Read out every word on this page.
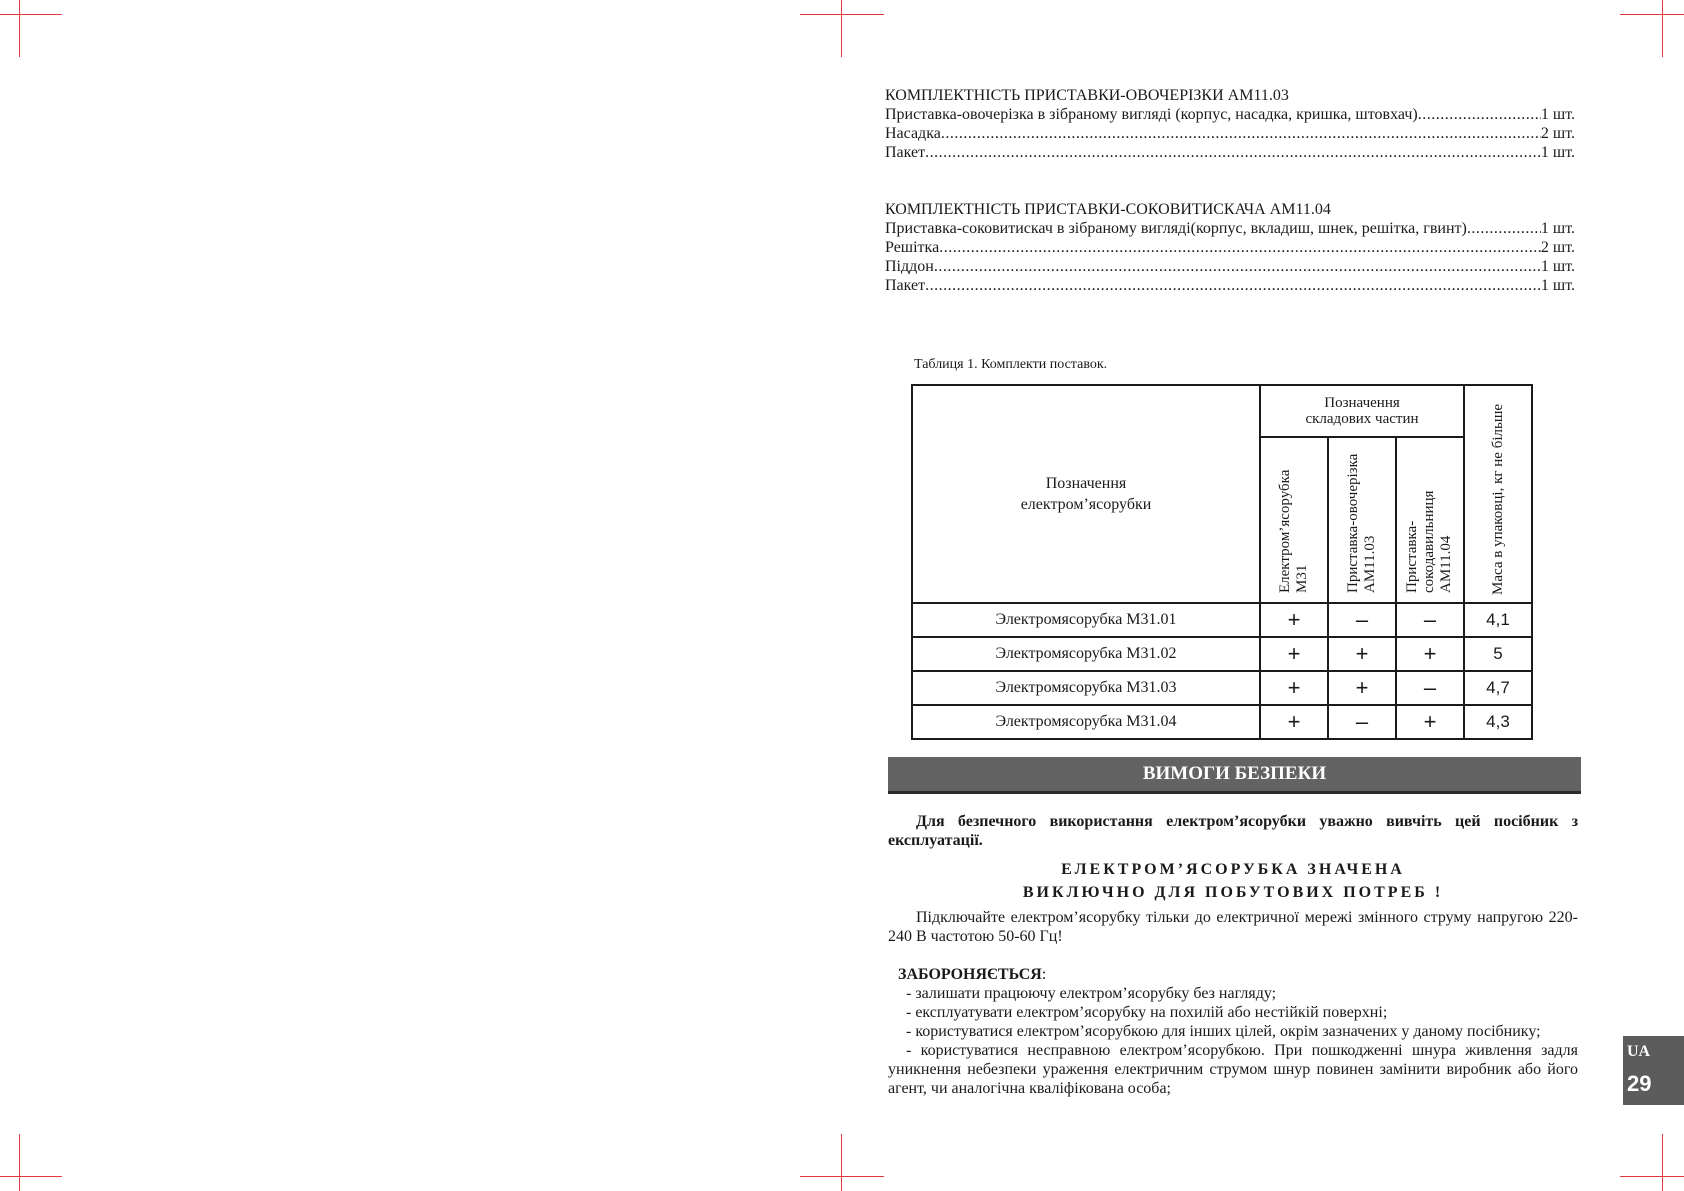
КОМПЛЕКТНІСТЬ ПРИСТАВКИ-ОВОЧЕРІЗКИ АМ11.03

Приставка-овочерізка в зібраному вигляді (корпус, насадка, кришка, штовхач) .....	1 шт.
Насадка .....	2 шт.
Пакет .....	1 шт.

КОМПЛЕКТНІСТЬ ПРИСТАВКИ-СОКОВИТИСКАЧА АМ11.04

Приставка-соковитискач в зібраному вигляді(корпус, вкладиш, шнек, решітка, гвинт) .....	1 шт.
Решітка .....	2 шт.
Піддон .....	1 шт.
Пакет .....	1 шт.
Таблиця 1. Комплекти поставок.
Позначення електром’ясорубки	Позначення складових частин			Маса в упаковці, кг не більше
	Електром’ясорубка М31	Приставка-овочерізка АМ11.03	Приставка-сокодавильниця АМ11.04	
Электромясорубка М31.01	+	–	–	4,1
Электромясорубка М31.02	+	+	+	5
Электромясорубка М31.03	+	+	–	4,7
Электромясорубка М31.04	+	–	+	4,3
ВИМОГИ БЕЗПЕКИ
Для безпечного використання електром’ясорубки уважно вивчіть цей посібник з експлуатації.
ЕЛЕКТРОМ’ЯСОРУБКА ЗНАЧЕНА
ВИКЛЮЧНО ДЛЯ ПОБУТОВИХ ПОТРЕБ !
Підключайте електром’ясорубку тільки до електричної мережі змінного струму напругою 220-240 В частотою 50-60 Гц!
ЗАБОРОНЯЄТЬСЯ:
- залишати працюючу електром’ясорубку без нагляду;
- експлуатувати електром’ясорубку на похилій або нестійкій поверхні;
- користуватися електром’ясорубкою для інших цілей, окрім зазначених у даному посібнику;
- користуватися несправною електром’ясорубкою. При пошкодженні шнура живлення задля уникнення небезпеки ураження електричним струмом шнур повинен замінити виробник або його агент, чи аналогічна кваліфікована особа;
UA
29
